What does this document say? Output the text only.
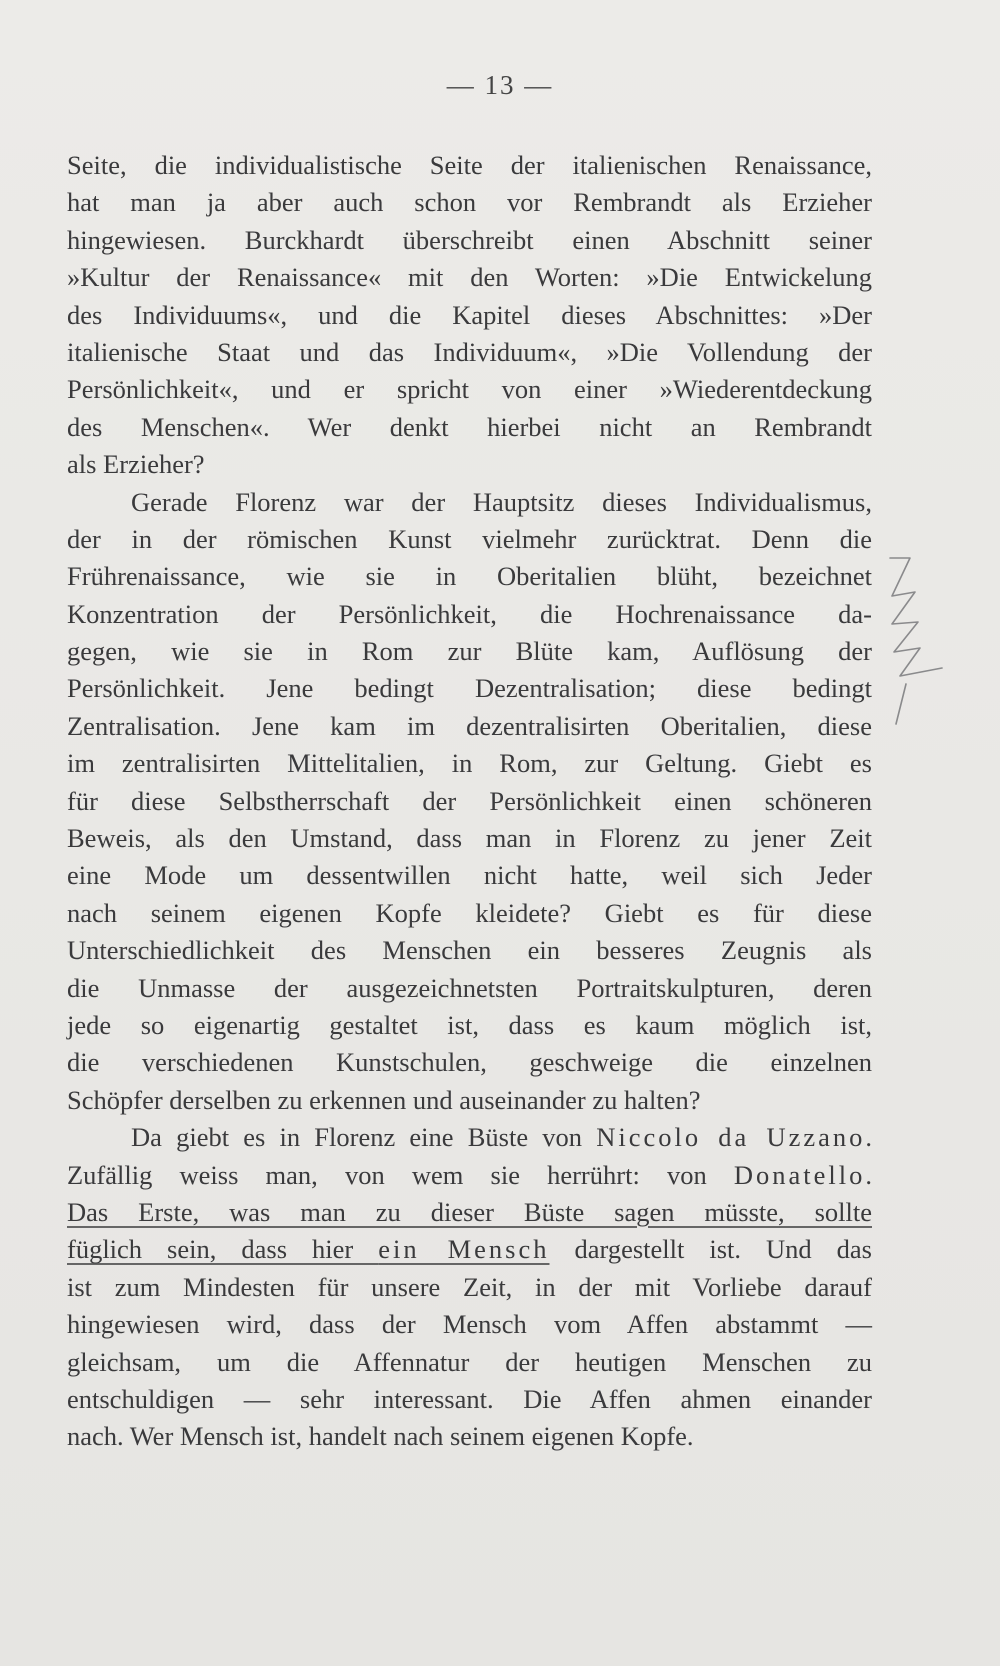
— 13 —
Seite, die individualistische Seite der italienischen Renaissance,
hat man ja aber auch schon vor Rembrandt als Erzieher
hingewiesen. Burckhardt überschreibt einen Abschnitt seiner
»Kultur der Renaissance« mit den Worten: »Die Entwickelung
des Individuums«, und die Kapitel dieses Abschnittes: »Der
italienische Staat und das Individuum«, »Die Vollendung der
Persönlichkeit«, und er spricht von einer »Wiederentdeckung
des Menschen«. Wer denkt hierbei nicht an Rembrandt
als Erzieher?
Gerade Florenz war der Hauptsitz dieses Individualismus,
der in der römischen Kunst vielmehr zurücktrat. Denn die
Frührenaissance, wie sie in Oberitalien blüht, bezeichnet
Konzentration der Persönlichkeit, die Hochrenaissance da-
gegen, wie sie in Rom zur Blüte kam, Auflösung der
Persönlichkeit. Jene bedingt Dezentralisation; diese bedingt
Zentralisation. Jene kam im dezentralisirten Oberitalien, diese
im zentralisirten Mittelitalien, in Rom, zur Geltung. Giebt es
für diese Selbstherrschaft der Persönlichkeit einen schöneren
Beweis, als den Umstand, dass man in Florenz zu jener Zeit
eine Mode um dessentwillen nicht hatte, weil sich Jeder
nach seinem eigenen Kopfe kleidete? Giebt es für diese
Unterschiedlichkeit des Menschen ein besseres Zeugnis als
die Unmasse der ausgezeichnetsten Portraitskulpturen, deren
jede so eigenartig gestaltet ist, dass es kaum möglich ist,
die verschiedenen Kunstschulen, geschweige die einzelnen
Schöpfer derselben zu erkennen und auseinander zu halten?
Da giebt es in Florenz eine Büste von Niccolo da Uzzano.
Zufällig weiss man, von wem sie herrührt: von Donatello.
Das Erste, was man zu dieser Büste sagen müsste, sollte
füglich sein, dass hier ein Mensch dargestellt ist. Und das
ist zum Mindesten für unsere Zeit, in der mit Vorliebe darauf
hingewiesen wird, dass der Mensch vom Affen abstammt —
gleichsam, um die Affennatur der heutigen Menschen zu
entschuldigen — sehr interessant. Die Affen ahmen einander
nach. Wer Mensch ist, handelt nach seinem eigenen Kopfe.
